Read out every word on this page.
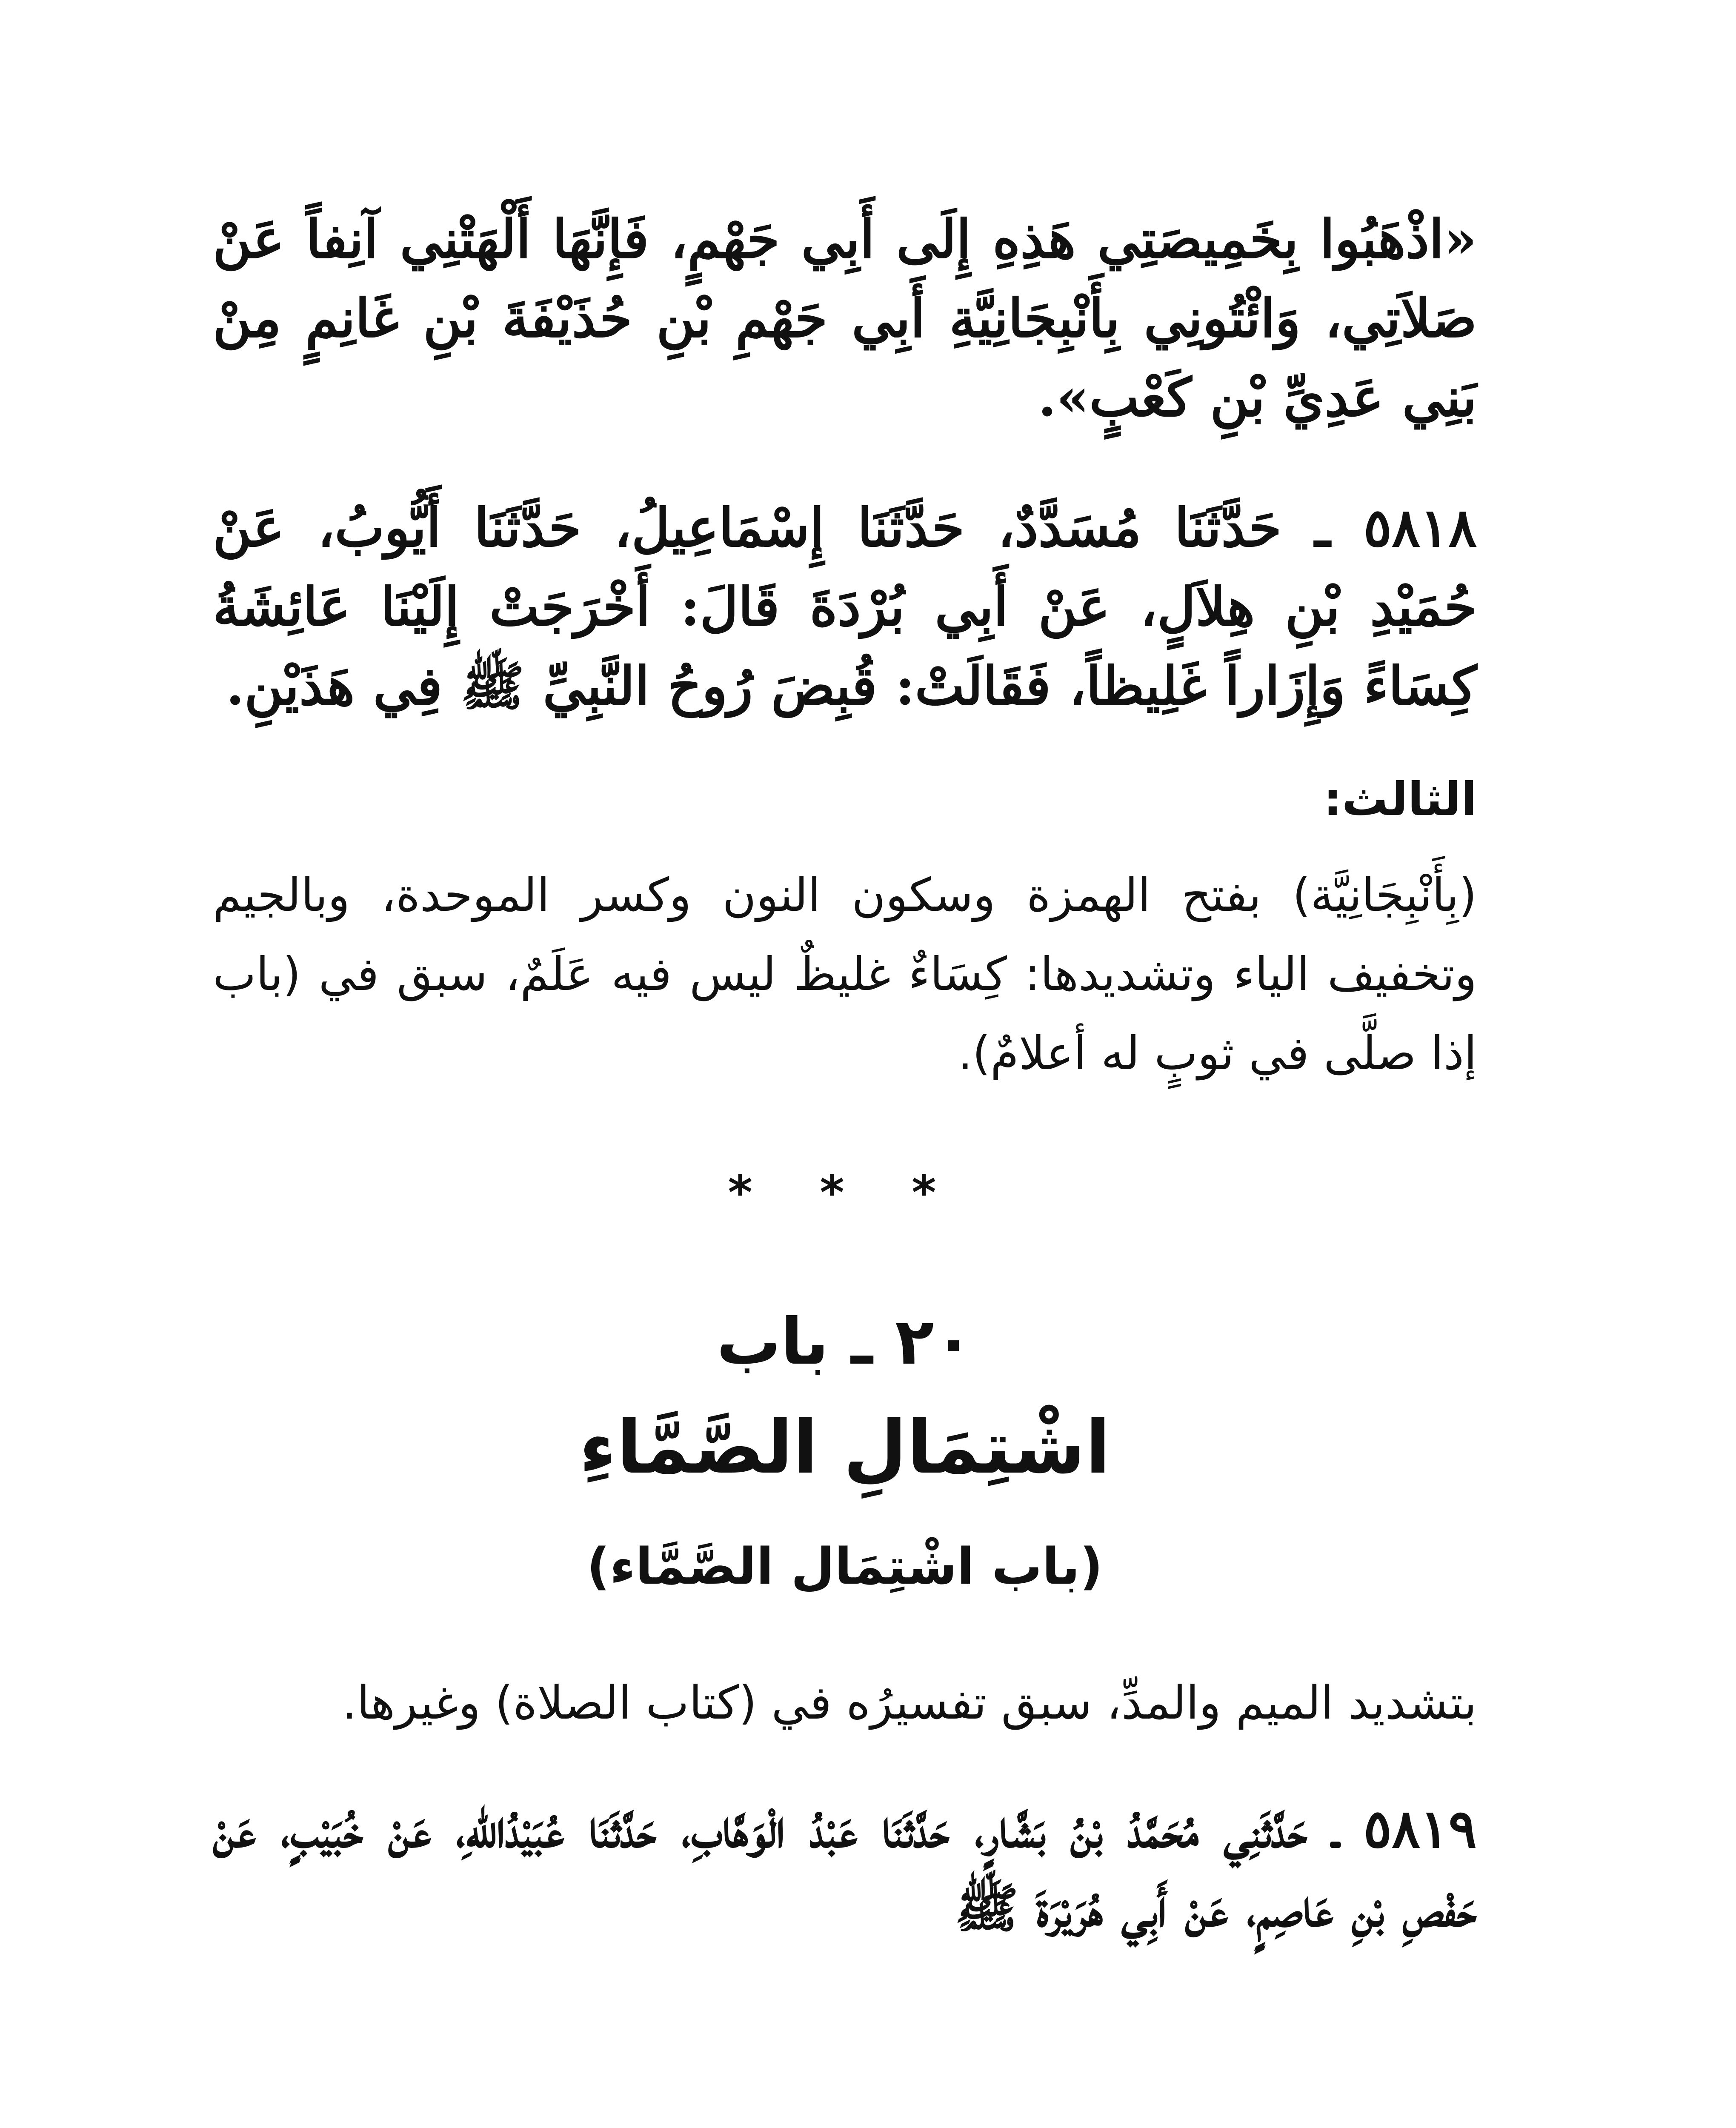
«اذْهَبُوا بِخَمِيصَتِي هَذِهِ إِلَى أَبِي جَهْمٍ، فَإِنَّهَا أَلْهَتْنِي آنِفاً عَنْ صَلاَتِي، وَائْتُونِي بِأَنْبِجَانِيَّةِ أَبِي جَهْمِ بْنِ حُذَيْفَةَ بْنِ غَانِمٍ مِنْ بَنِي عَدِيِّ بْنِ كَعْبٍ».

٥٨١٨ ـ حَدَّثَنَا مُسَدَّدٌ، حَدَّثَنَا إِسْمَاعِيلُ، حَدَّثَنَا أَيُّوبُ، عَنْ حُمَيْدِ بْنِ هِلاَلٍ، عَنْ أَبِي بُرْدَةَ قَالَ: أَخْرَجَتْ إِلَيْنَا عَائِشَةُ كِسَاءً وَإِزَاراً غَلِيظاً، فَقَالَتْ: قُبِضَ رُوحُ النَّبِيِّ ﷺ فِي هَذَيْنِ.

الثالث:

(بِأَنْبِجَانِيَّة) بفتح الهمزة وسكون النون وكسر الموحدة، وبالجيم وتخفيف الياء وتشديدها: كِسَاءٌ غليظٌ ليس فيه عَلَمٌ، سبق في (باب إذا صلَّى في ثوبٍ له أعلامٌ).

* * *

٢٠ ـ باب

اشْتِمَالِ الصَّمَّاءِ

(باب اشْتِمَال الصَّمَّاء)

بتشديد الميم والمدِّ، سبق تفسيرُه في (كتاب الصلاة) وغيرها.

٥٨١٩ ـ حَدَّثَنِي مُحَمَّدُ بْنُ بَشَّارٍ، حَدَّثَنَا عَبْدُ الْوَهَّابِ، حَدَّثَنَا عُبَيْدُاللهِ، عَنْ خُبَيْبٍ، عَنْ حَفْصِ بْنِ عَاصِمٍ، عَنْ أَبِي هُرَيْرَةَ ﷺ
